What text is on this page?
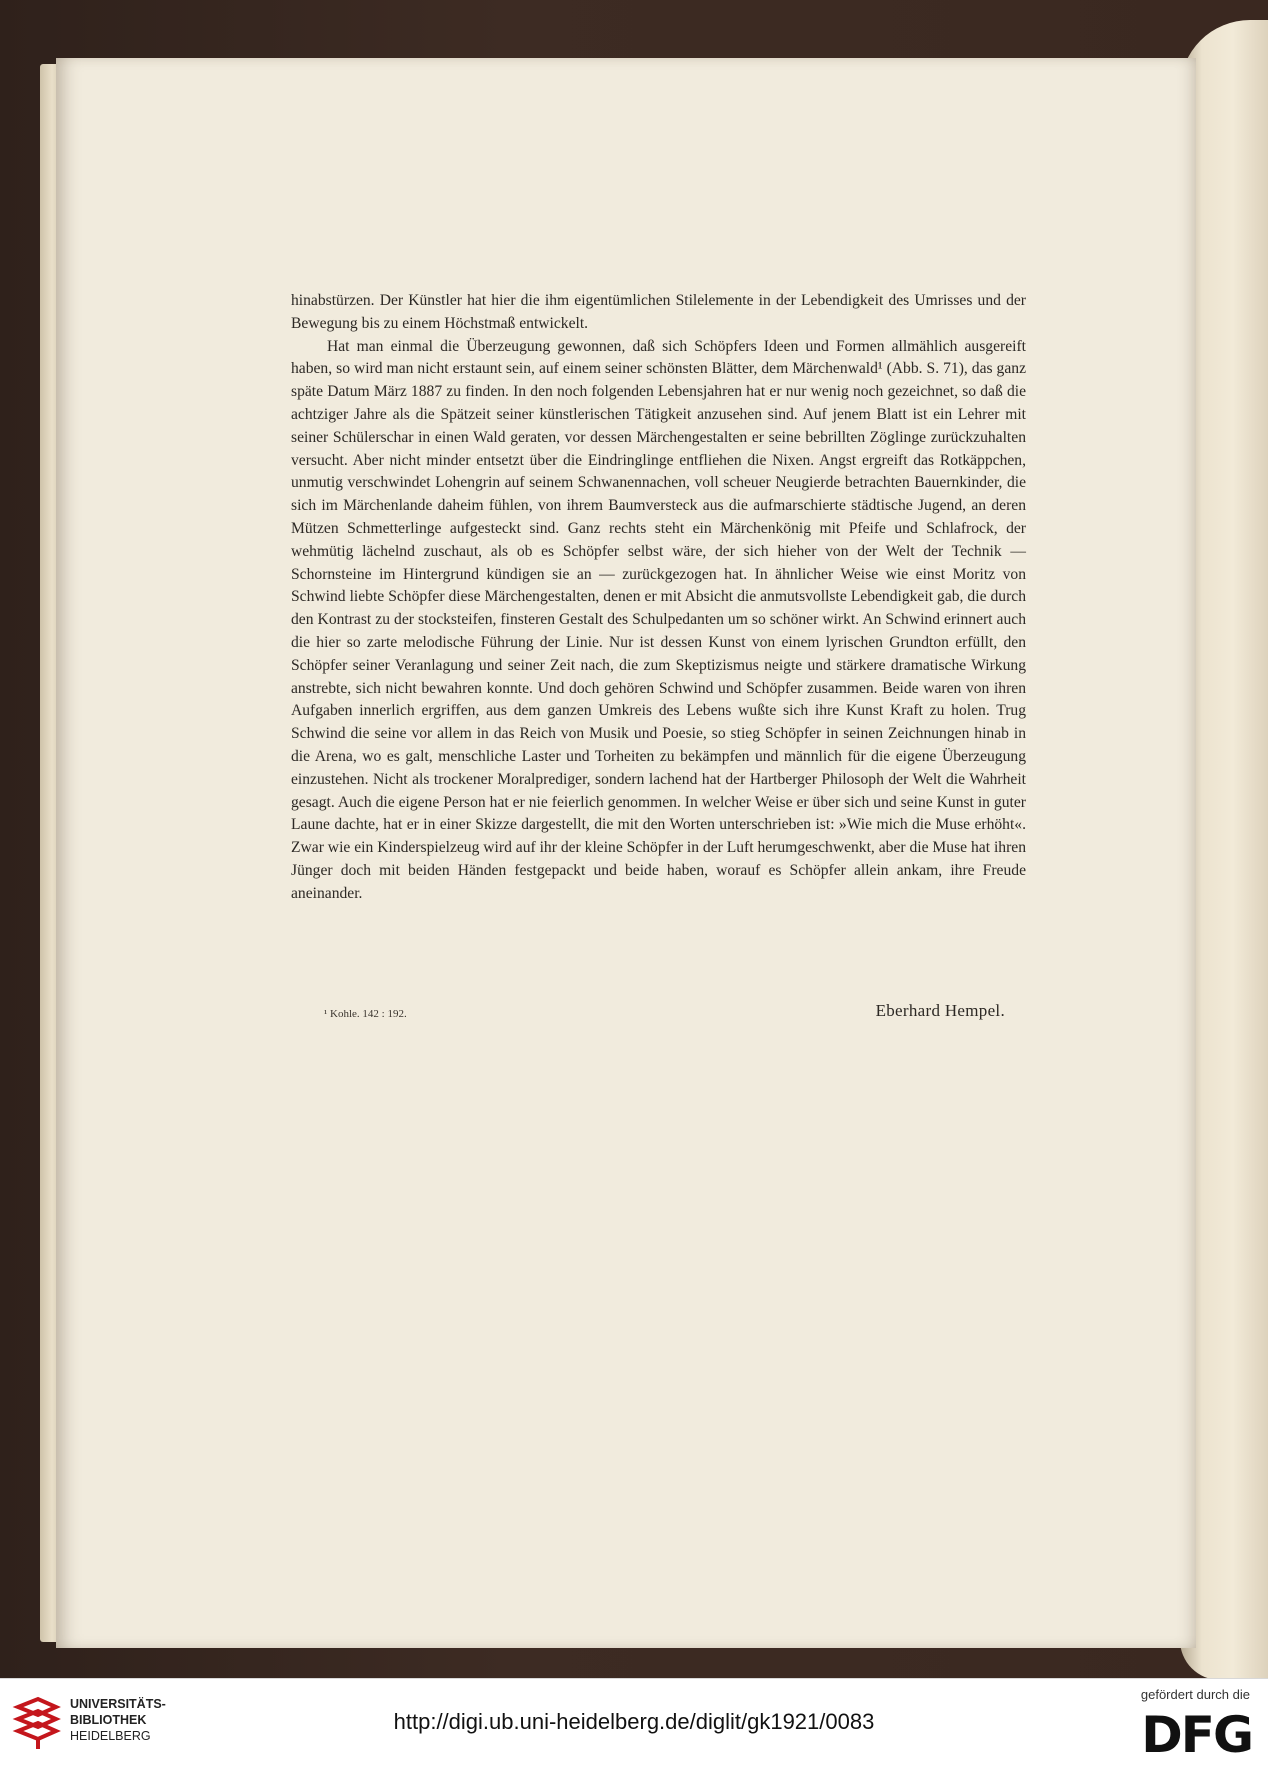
hinabstürzen. Der Künstler hat hier die ihm eigentümlichen Stilelemente in der Lebendigkeit des Umrisses und der Bewegung bis zu einem Höchstmaß entwickelt.

Hat man einmal die Überzeugung gewonnen, daß sich Schöpfers Ideen und Formen allmählich ausgereift haben, so wird man nicht erstaunt sein, auf einem seiner schönsten Blätter, dem Märchenwald¹ (Abb. S. 71), das ganz späte Datum März 1887 zu finden. In den noch folgenden Lebensjahren hat er nur wenig noch gezeichnet, so daß die achtziger Jahre als die Spätzeit seiner künstlerischen Tätigkeit anzusehen sind. Auf jenem Blatt ist ein Lehrer mit seiner Schülerschar in einen Wald geraten, vor dessen Märchengestalten er seine bebrillten Zöglinge zurückzuhalten versucht. Aber nicht minder entsetzt über die Eindringlinge entfliehen die Nixen. Angst ergreift das Rotkäppchen, unmutig verschwindet Lohengrin auf seinem Schwanennachen, voll scheuer Neugierde betrachten Bauernkinder, die sich im Märchenlande daheim fühlen, von ihrem Baumversteck aus die aufmarschierte städtische Jugend, an deren Mützen Schmetterlinge aufgesteckt sind. Ganz rechts steht ein Märchenkönig mit Pfeife und Schlafrock, der wehmütig lächelnd zuschaut, als ob es Schöpfer selbst wäre, der sich hieher von der Welt der Technik — Schornsteine im Hintergrund kündigen sie an — zurückgezogen hat. In ähnlicher Weise wie einst Moritz von Schwind liebte Schöpfer diese Märchengestalten, denen er mit Absicht die anmutsvollste Lebendigkeit gab, die durch den Kontrast zu der stocksteifen, finsteren Gestalt des Schulpedanten um so schöner wirkt. An Schwind erinnert auch die hier so zarte melodische Führung der Linie. Nur ist dessen Kunst von einem lyrischen Grundton erfüllt, den Schöpfer seiner Veranlagung und seiner Zeit nach, die zum Skeptizismus neigte und stärkere dramatische Wirkung anstrebte, sich nicht bewahren konnte. Und doch gehören Schwind und Schöpfer zusammen. Beide waren von ihren Aufgaben innerlich ergriffen, aus dem ganzen Umkreis des Lebens wußte sich ihre Kunst Kraft zu holen. Trug Schwind die seine vor allem in das Reich von Musik und Poesie, so stieg Schöpfer in seinen Zeichnungen hinab in die Arena, wo es galt, menschliche Laster und Torheiten zu bekämpfen und männlich für die eigene Überzeugung einzustehen. Nicht als trockener Moralprediger, sondern lachend hat der Hartberger Philosoph der Welt die Wahrheit gesagt. Auch die eigene Person hat er nie feierlich genommen. In welcher Weise er über sich und seine Kunst in guter Laune dachte, hat er in einer Skizze dargestellt, die mit den Worten unterschrieben ist: »Wie mich die Muse erhöht«. Zwar wie ein Kinderspielzeug wird auf ihr der kleine Schöpfer in der Luft herumgeschwenkt, aber die Muse hat ihren Jünger doch mit beiden Händen festgepackt und beide haben, worauf es Schöpfer allein ankam, ihre Freude aneinander.

¹ Kohle. 142 : 192.	Eberhard Hempel.
UNIVERSITÄTS-
BIBLIOTHEK
HEIDELBERG
http://digi.ub.uni-heidelberg.de/diglit/gk1921/0083
gefördert durch die
DFG
